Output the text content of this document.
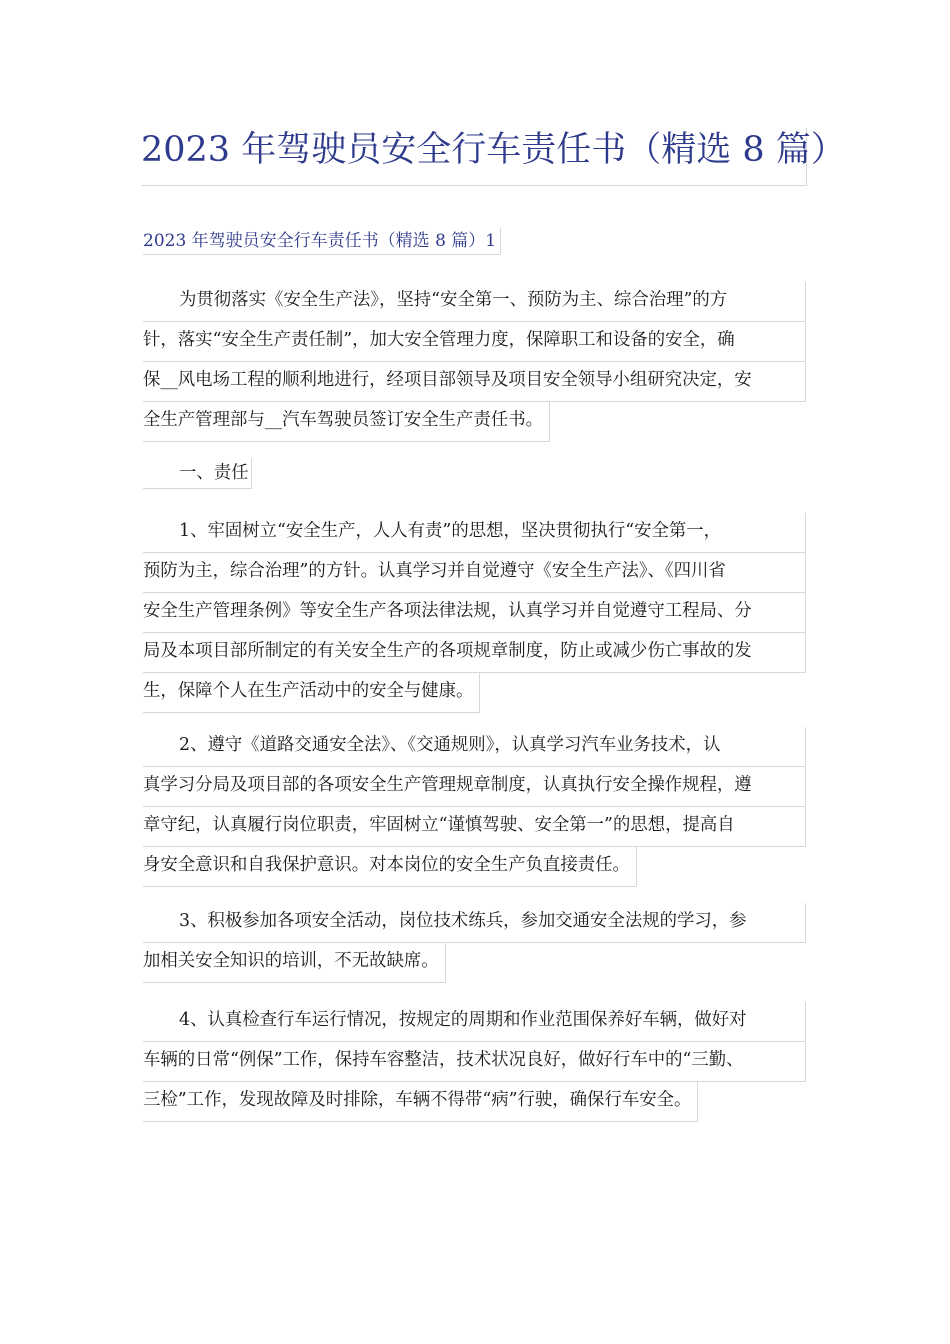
2023 年驾驶员安全行车责任书（精选 8 篇）
2023 年驾驶员安全行车责任书（精选 8 篇）1
为贯彻落实《安全生产法》，坚持“安全第一、预防为主、综合治理”的方
针，落实“安全生产责任制”，加大安全管理力度，保障职工和设备的安全，确
保__风电场工程的顺利地进行，经项目部领导及项目安全领导小组研究决定，安
全生产管理部与__汽车驾驶员签订安全生产责任书。
一、责任
1、牢固树立“安全生产，人人有责”的思想，坚决贯彻执行“安全第一，
预防为主，综合治理”的方针。认真学习并自觉遵守《安全生产法》、《四川省
安全生产管理条例》等安全生产各项法律法规，认真学习并自觉遵守工程局、分
局及本项目部所制定的有关安全生产的各项规章制度，防止或减少伤亡事故的发
生，保障个人在生产活动中的安全与健康。
2、遵守《道路交通安全法》、《交通规则》，认真学习汽车业务技术，认
真学习分局及项目部的各项安全生产管理规章制度，认真执行安全操作规程，遵
章守纪，认真履行岗位职责，牢固树立“谨慎驾驶、安全第一”的思想，提高自
身安全意识和自我保护意识。对本岗位的安全生产负直接责任。
3、积极参加各项安全活动，岗位技术练兵，参加交通安全法规的学习，参
加相关安全知识的培训，不无故缺席。
4、认真检查行车运行情况，按规定的周期和作业范围保养好车辆，做好对
车辆的日常“例保”工作，保持车容整洁，技术状况良好，做好行车中的“三勤、
三检”工作，发现故障及时排除，车辆不得带“病”行驶，确保行车安全。
